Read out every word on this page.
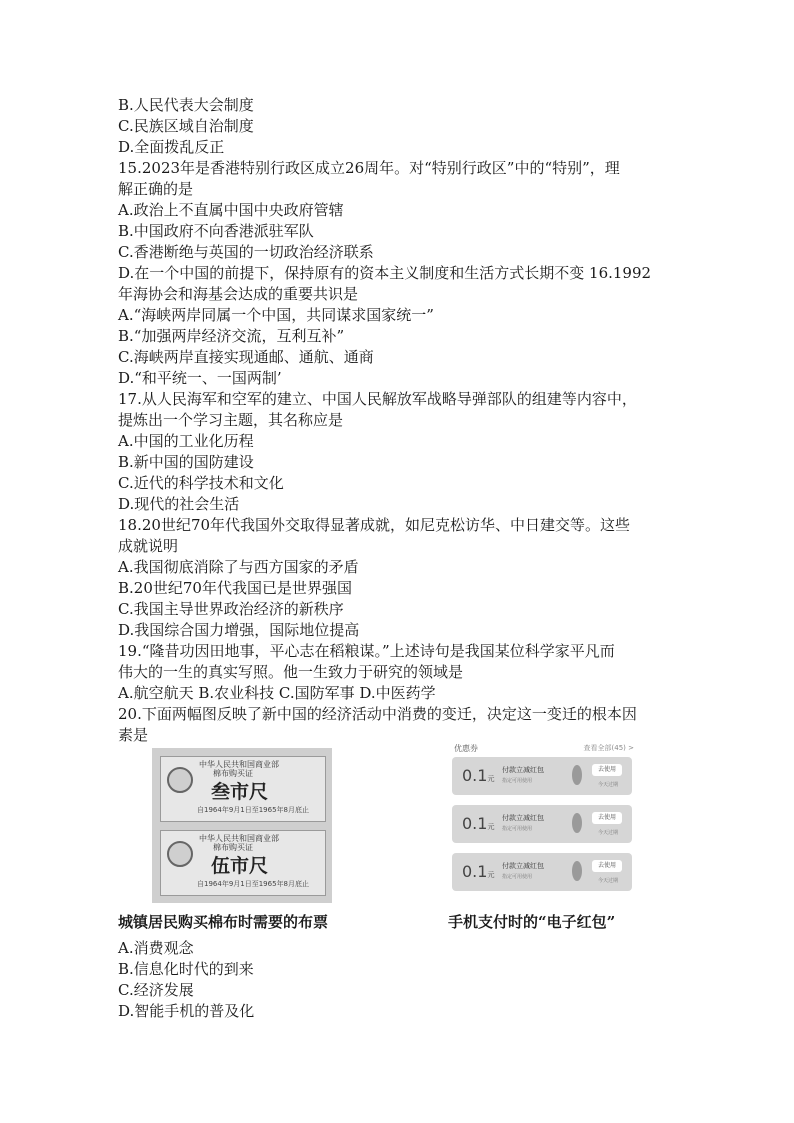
B.人民代表大会制度
C.民族区域自治制度
D.全面拨乱反正
15.2023年是香港特别行政区成立26周年。对“特别行政区”中的“特别”，理
解正确的是
A.政治上不直属中国中央政府管辖
B.中国政府不向香港派驻军队
C.香港断绝与英国的一切政治经济联系
D.在一个中国的前提下，保持原有的资本主义制度和生活方式长期不变 16.1992
年海协会和海基会达成的重要共识是
A.“海峡两岸同属一个中国，共同谋求国家统一”
B.“加强两岸经济交流，互利互补”
C.海峡两岸直接实现通邮、通航、通商
D.“和平统一、一国两制’
17.从人民海军和空军的建立、中国人民解放军战略导弹部队的组建等内容中，
提炼出一个学习主题，其名称应是
A.中国的工业化历程
B.新中国的国防建设
C.近代的科学技术和文化
D.现代的社会生活
18.20世纪70年代我国外交取得显著成就，如尼克松访华、中日建交等。这些
成就说明
A.我国彻底消除了与西方国家的矛盾
B.20世纪70年代我国已是世界强国
C.我国主导世界政治经济的新秩序
D.我国综合国力增强，国际地位提高
19.“隆昔功因田地事，平心志在稻粮谋。”上述诗句是我国某位科学家平凡而
伟大的一生的真实写照。他一生致力于研究的领域是
A.航空航天 B.农业科技 C.国防军事 D.中医药学
20.下面两幅图反映了新中国的经济活动中消费的变迁，决定这一变迁的根本因
素是
中华人民共和国商业部
棉布购买证
叁市尺
自1964年9月1日至1965年8月底止
中华人民共和国商业部
棉布购买证
伍市尺
自1964年9月1日至1965年8月底止
优惠券	查看全部(45) >
0.1元
付款立减红包
指定可用使用
去使用
今天过期
0.1元
付款立减红包
指定可用使用
去使用
今天过期
0.1元
付款立减红包
指定可用使用
去使用
今天过期
城镇居民购买棉布时需要的布票	手机支付时的“电子红包”
A.消费观念
B.信息化时代的到来
C.经济发展
D.智能手机的普及化
